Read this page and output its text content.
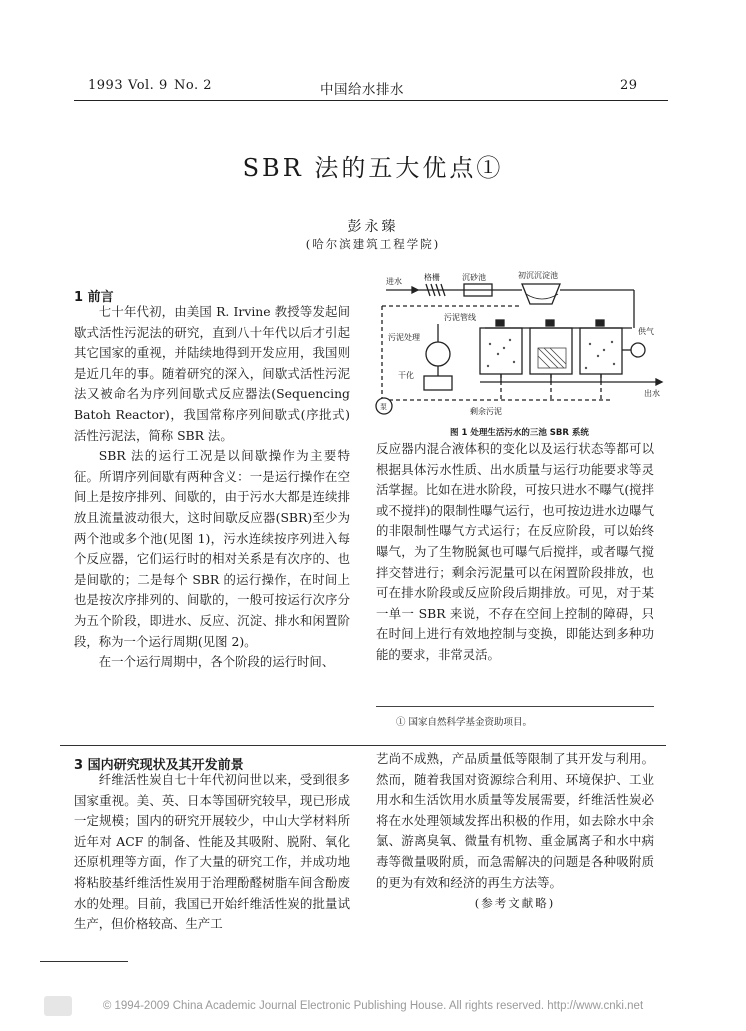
1993 Vol. 9 No. 2	中国给水排水	29
SBR 法的五大优点①
彭永臻
(哈尔滨建筑工程学院)
1 前言

七十年代初，由美国 R. Irvine 教授等发起间歇式活性污泥法的研究，直到八十年代以后才引起其它国家的重视，并陆续地得到开发应用，我国则是近几年的事。随着研究的深入，间歇式活性污泥法又被命名为序列间歇式反应器法(Sequencing Batoh Reactor)，我国常称序列间歇式(序批式)活性污泥法，简称 SBR 法。

SBR 法的运行工况是以间歇操作为主要特征。所谓序列间歇有两种含义：一是运行操作在空间上是按序排列、间歇的，由于污水大都是连续排放且流量波动很大，这时间歇反应器(SBR)至少为两个池或多个池(见图 1)，污水连续按序列进入每个反应器，它们运行时的相对关系是有次序的、也是间歇的；二是每个 SBR 的运行操作，在时间上也是按次序排列的、间歇的，一般可按运行次序分为五个阶段，即进水、反应、沉淀、排水和闲置阶段，称为一个运行周期(见图 2)。

在一个运行周期中，各个阶段的运行时间、

进水	格栅	沉砂池	初沉沉淀池
污泥管线
污泥处理
供气
干化
出水
泵	剩余污泥
图 1 处理生活污水的三池 SBR 系统

反应器内混合液体积的变化以及运行状态等都可以根据具体污水性质、出水质量与运行功能要求等灵活掌握。比如在进水阶段，可按只进水不曝气(搅拌或不搅拌)的限制性曝气运行，也可按边进水边曝气的非限制性曝气方式运行；在反应阶段，可以始终曝气，为了生物脱氮也可曝气后搅拌，或者曝气搅拌交替进行；剩余污泥量可以在闲置阶段排放，也可在排水阶段或反应阶段后期排放。可见，对于某一单一 SBR 来说，不存在空间上控制的障碍，只在时间上进行有效地控制与变换，即能达到多种功能的要求，非常灵活。

① 国家自然科学基金资助项目。
3 国内研究现状及其开发前景

纤维活性炭自七十年代初问世以来，受到很多国家重视。美、英、日本等国研究较早，现已形成一定规模；国内的研究开展较少，中山大学材料所近年对 ACF 的制备、性能及其吸附、脱附、氧化还原机理等方面，作了大量的研究工作，并成功地将粘胶基纤维活性炭用于治理酚醛树脂车间含酚废水的处理。目前，我国已开始纤维活性炭的批量试生产，但价格较高、生产工

艺尚不成熟，产品质量低等限制了其开发与利用。然而，随着我国对资源综合利用、环境保护、工业用水和生活饮用水质量等发展需要，纤维活性炭必将在水处理领域发挥出积极的作用，如去除水中余氯、游离臭氧、微量有机物、重金属离子和水中病毒等微量吸附质，而急需解决的问题是各种吸附质的更为有效和经济的再生方法等。

(参考文献略)
© 1994-2009 China Academic Journal Electronic Publishing House. All rights reserved. http://www.cnki.net
